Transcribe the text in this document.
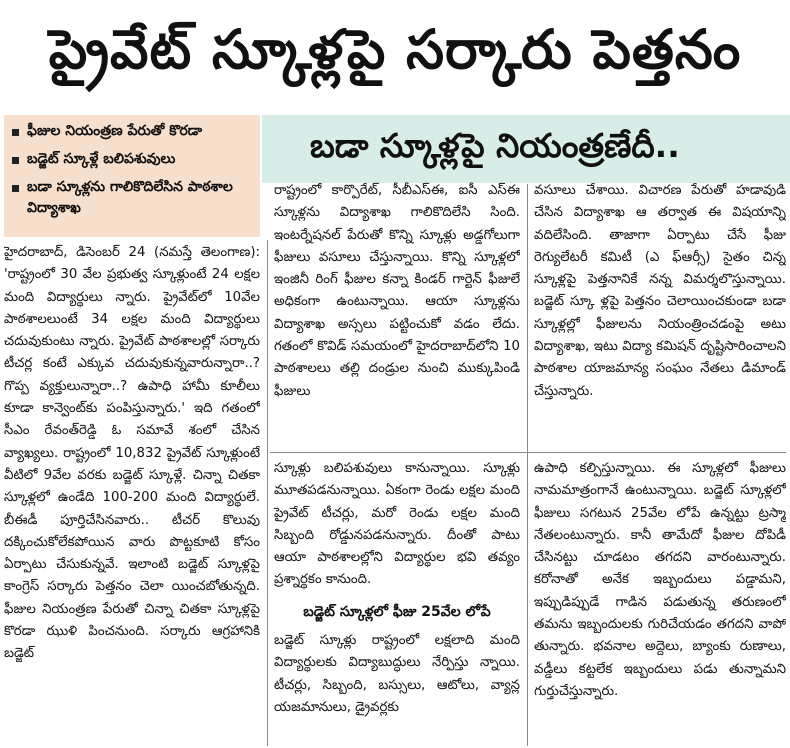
ప్రైవేట్ స్కూళ్లపై సర్కారు పెత్తనం
ఫీజుల నియంత్రణ పేరుతో కొరడా
బడ్జెట్ స్కూళ్లే బలిపశువులు
బడా స్కూళ్లను గాలికొదిలేసిన పాఠశాల విద్యాశాఖ
బడా స్కూళ్లపై నియంత్రణేదీ..

హైదరాబాద్, డిసెంబర్ 24 (నమస్తే తెలంగాణ): 'రాష్ట్రంలో 30 వేల ప్రభుత్వ స్కూళ్లుంటే 24 లక్షల మంది విద్యార్థులు న్నారు. ప్రైవేట్‌లో 10వేల పాఠశాలలుంటే 34 లక్షల మంది విద్యార్థులు చదువుకుంటు న్నారు. ప్రైవేట్ పాఠశాలల్లో సర్కారు టీచర్ల కంటే ఎక్కువ చదువుకున్నవారున్నారా..? గొప్ప వ్యక్తులున్నారా..? ఉపాధి హామీ కూలీలు కూడా కాన్వెంట్‌కు పంపిస్తున్నారు.' ఇది గతంలో సీఎం రేవంత్‌రెడ్డి ఓ సమావే శంలో చేసిన వ్యాఖ్యలు. రాష్ట్రంలో 10,832 ప్రైవేట్ స్కూళ్లుంటే వీటిలో 9వేల వరకు బడ్జెట్ స్కూళ్లే. చిన్నా చితకా స్కూళ్లలో ఉండేది 100-200 మంది విద్యార్థులే. బీఈడీ పూర్తిచేసినవారు.. టీచర్ కొలువు దక్కించుకోలేకపోయిన వారు పొట్టకూటి కోసం ఏర్పాటు చేసుకున్నవే. ఇలాంటి బడ్జెట్ స్కూళ్లపై కాంగ్రెస్ సర్కారు పెత్తనం చెలా యించబోతున్నది. ఫీజుల నియంత్రణ పేరుతో చిన్నా చితకా స్కూళ్లపై కొరడా ఝుళి పించనుంది. సర్కారు ఆగ్రహానికి బడ్జెట్

రాష్ట్రంలో కార్పొరేట్, సీబీఎస్ఈ, ఐసీ ఎస్ఈ స్కూళ్లను విద్యాశాఖ గాలికొదిలేసి సింది. ఇంటర్నేషనల్ పేరుతో కొన్ని స్కూళ్లు అడ్డగోలుగా ఫీజులు వసూలు చేస్తున్నాయి. కొన్ని స్కూళ్లలో ఇంజినీ రింగ్ ఫీజుల కన్నా కిండర్ గార్టెన్ ఫీజులే అధికంగా ఉంటున్నాయి. ఆయా స్కూళ్లను విద్యాశాఖ అస్సలు పట్టించుకో వడం లేదు. గతంలో కొవిడ్ సమయంలో హైదరాబాద్‌లోని 10 పాఠశాలలు తల్లి దండ్రుల నుంచి ముక్కుపిండి ఫీజులు

వసూలు చేశాయి. విచారణ పేరుతో హడావుడి చేసిన విద్యాశాఖ ఆ తర్వాత ఈ విషయాన్ని వదిలేసింది. తాజాగా ఏర్పాటు చేసే ఫీజు రెగ్యులేటరీ కమిటీ (ఎ ఫ్ఆర్సీ) సైతం చిన్న స్కూళ్లపై పెత్తనానికే నన్న విమర్శలొస్తున్నాయి. బడ్జెట్ స్కూ ళ్లపై పెత్తనం చెలాయించకుండా బడా స్కూళ్లల్లో ఫీజులను నియంత్రించడంపై అటు విద్యాశాఖ, ఇటు విద్యా కమిషన్ దృష్టిసారించాలని పాఠశాల యాజమాన్య సంఘం నేతలు డిమాండ్ చేస్తున్నారు.

స్కూళ్లు బలిపశువులు కానున్నాయి. స్కూళ్లు మూతపడనున్నాయి. ఏకంగా రెండు లక్షల మంది ప్రైవేట్ టీచర్లు, మరో రెండు లక్షల మంది సిబ్బంది రోడ్డునపడనున్నారు. దీంతో పాటు ఆయా పాఠశాలల్లోని విద్యార్థుల భవి తవ్యం ప్రశ్నార్థకం కానుంది.

బడ్జెట్ స్కూళ్లలో ఫీజు 25వేల లోపే

బడ్జెట్ స్కూళ్లు రాష్ట్రంలో లక్షలాది మంది విద్యార్థులకు విద్యాబుద్ధులు నేర్పిస్తు న్నాయి. టీచర్లు, సిబ్బంది, బస్సులు, ఆటోలు, వ్యాన్ల యజమానులు, డ్రైవర్లకు

ఉపాధి కల్పిస్తున్నాయి. ఈ స్కూళ్లలో ఫీజులు నామమాత్రంగానే ఉంటున్నాయి. బడ్జెట్ స్కూళ్లలో ఫీజులు సగటున 25వేల లోపే ఉన్నట్టు ట్రస్మా నేతలంటున్నారు. కానీ తామేదో ఫీజుల దోపిడీ చేసినట్టు చూడటం తగదని వారంటున్నారు. కరోనాతో అనేక ఇబ్బందులు పడ్డామని, ఇప్పుడిప్పుడే గాడిన పడుతున్న తరుణంలో తమను ఇబ్బందులకు గురిచేయడం తగదని వాపో తున్నారు. భవనాల అద్దెలు, బ్యాంకు రుణాలు, వడ్డీలు కట్టలేక ఇబ్బందులు పడు తున్నామని గుర్తుచేస్తున్నారు.
